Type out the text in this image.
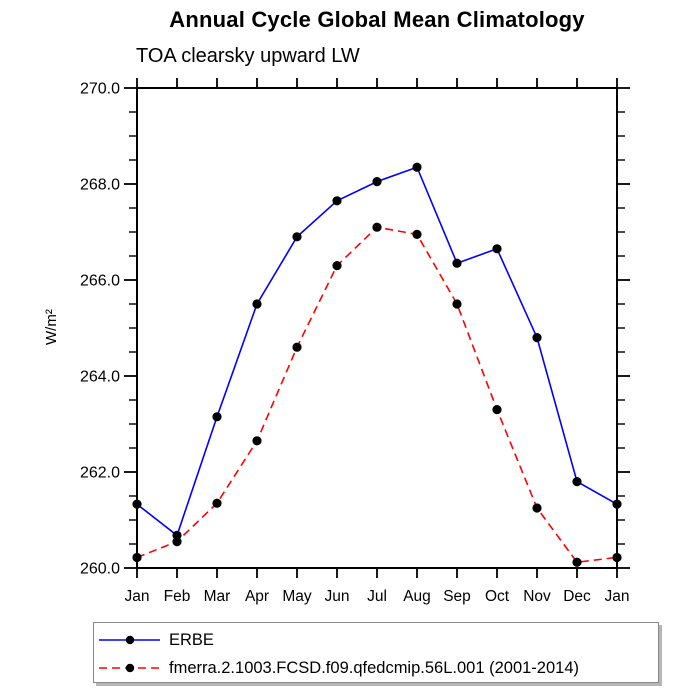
Annual Cycle Global Mean Climatology
TOA clearsky upward LW
W/m²
Jan Feb Mar Apr May Jun Jul Aug Sep Oct Nov Dec Jan
260.0
262.0
264.0
266.0
268.0
270.0
ERBE
fmerra.2.1003.FCSD.f09.qfedcmip.56L.001 (2001-2014)
